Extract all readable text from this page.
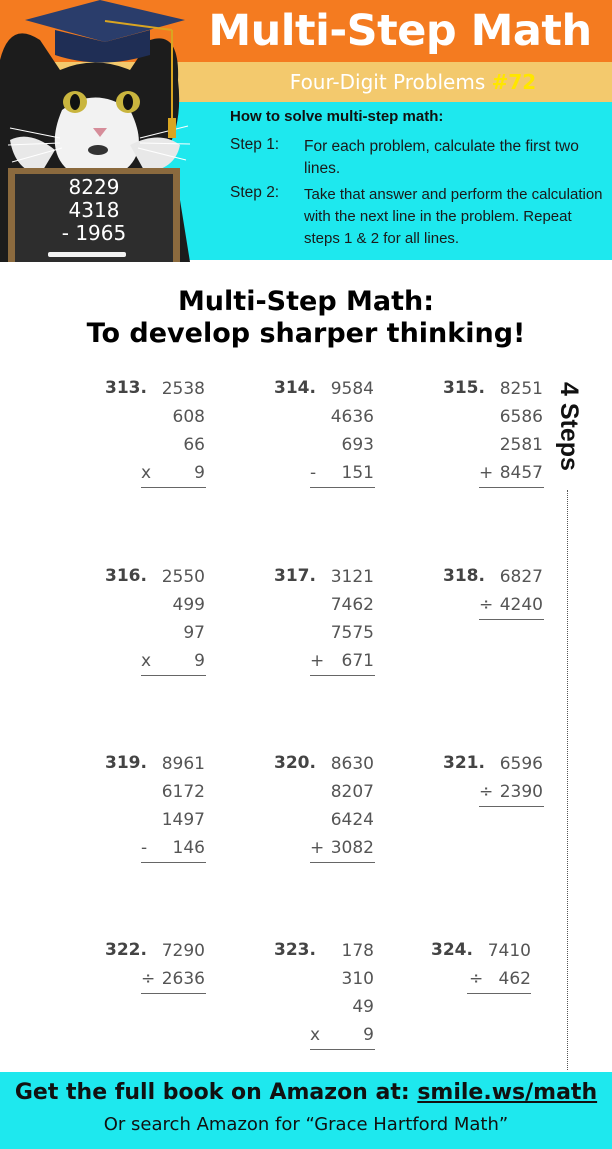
Multi-Step Math
Four-Digit Problems #72
8229
4318
- 1965
How to solve multi-step math:
Step 1: For each problem, calculate the first two lines.
Step 2: Take that answer and perform the calculation with the next line in the problem. Repeat steps 1 & 2 for all lines.
Multi-Step Math:
To develop sharper thinking!
4 Steps
313. 2538
608
66
9
x
314. 9584
4636
693
151
-
315. 8251
6586
2581
8457
+
316. 2550
499
97
9
x
317. 3121
7462
7575
671
+
318. 6827
4240
÷
319. 8961
6172
1497
146
-
320. 8630
8207
6424
3082
+
321. 6596
2390
÷
322. 7290
2636
÷
323.	178
310
49
9
x
324. 7410
462
÷
Get the full book on Amazon at: smile.ws/math
Or search Amazon for “Grace Hartford Math”
